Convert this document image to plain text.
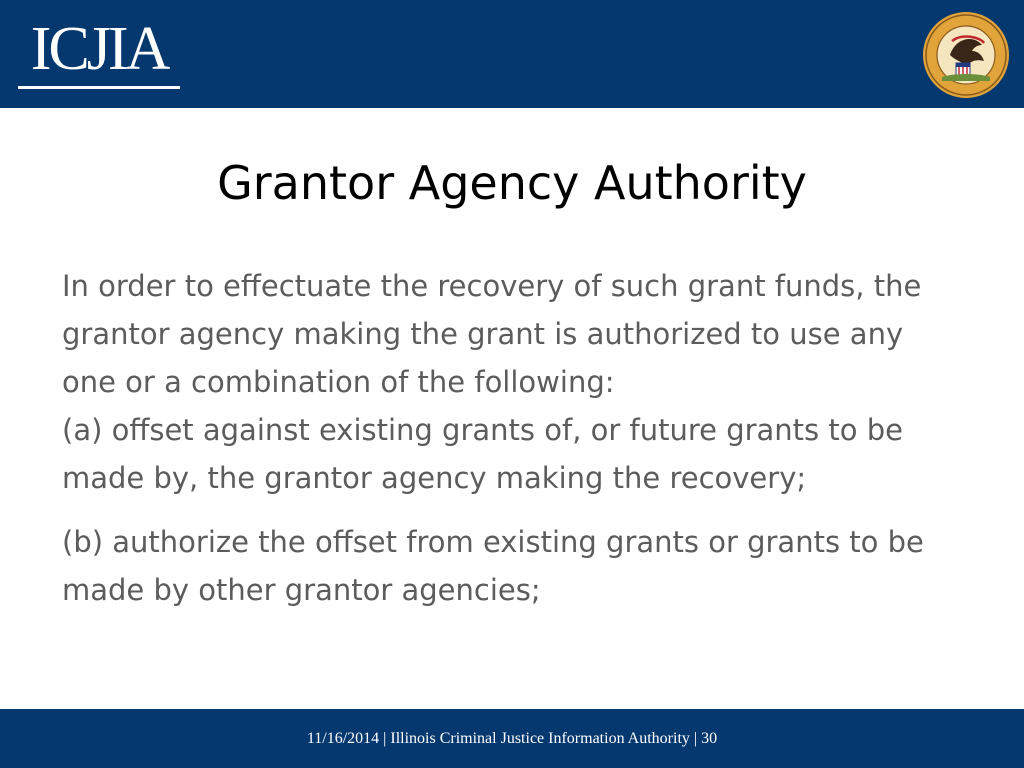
ICJIA
Grantor Agency Authority

In order to effectuate the recovery of such grant funds, the grantor agency making the grant is authorized to use any one or a combination of the following:

(a) offset against existing grants of, or future grants to be made by, the grantor agency making the recovery;

(b) authorize the offset from existing grants or grants to be made by other grantor agencies;

11/16/2014 | Illinois Criminal Justice Information Authority | 30
